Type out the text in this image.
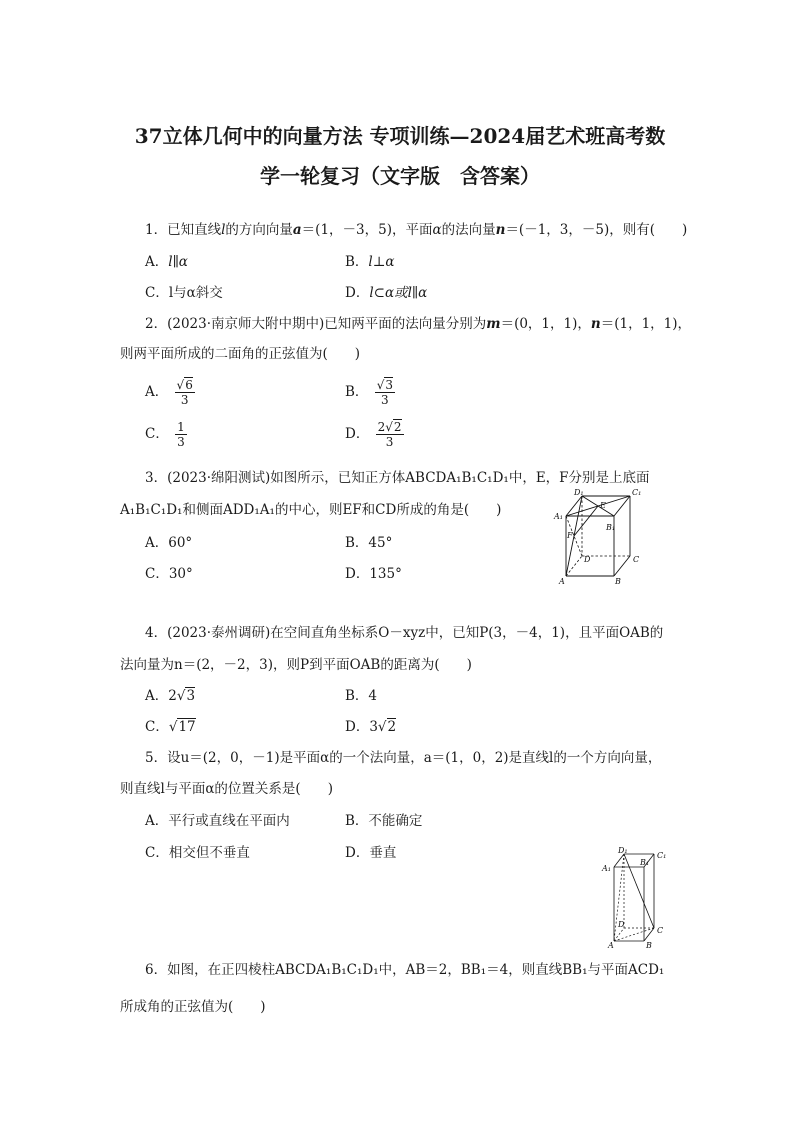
37立体几何中的向量方法 专项训练—2024届艺术班高考数
学一轮复习（文字版　含答案）
1．已知直线l的方向向量a＝(1，－3，5)，平面α的法向量n＝(－1，3，－5)，则有(　　)
A．l∥α	B．l⊥α
C．l与α斜交	D．l⊂α或l∥α
2．(2023·南京师大附中期中)已知两平面的法向量分别为m＝(0，1，1)，n＝(1，1，1)，
则两平面所成的二面角的正弦值为(　　)
A． $\frac{√6}{3}$	B． $\frac{√3}{3}$
C． $\frac{1}{3}$	D． $\frac{2√2}{3}$
3．(2023·绵阳测试)如图所示，已知正方体ABCDA₁B₁C₁D₁中，E，F分别是上底面
A₁B₁C₁D₁和侧面ADD₁A₁的中心，则EF和CD所成的角是(　　)
A．60°	B．45°
C．30°	D．135°
D₁	C₁
A₁
B₁
E
F
D	C
A	B
4．(2023·泰州调研)在空间直角坐标系O－xyz中，已知P(3，－4，1)，且平面OAB的
法向量为n＝(2，－2，3)，则P到平面OAB的距离为(　　)
A．2√3	B．4
C．√17	D．3√2
5．设u＝(2，0，－1)是平面α的一个法向量，a＝(1，0，2)是直线l的一个方向向量，
则直线l与平面α的位置关系是(　　)
A．平行或直线在平面内	B．不能确定
C．相交但不垂直	D．垂直	D₁
B₁
C₁
A₁
D
C
A	B
6．如图，在正四棱柱ABCDA₁B₁C₁D₁中，AB＝2，BB₁＝4，则直线BB₁与平面ACD₁
所成角的正弦值为(　　)
